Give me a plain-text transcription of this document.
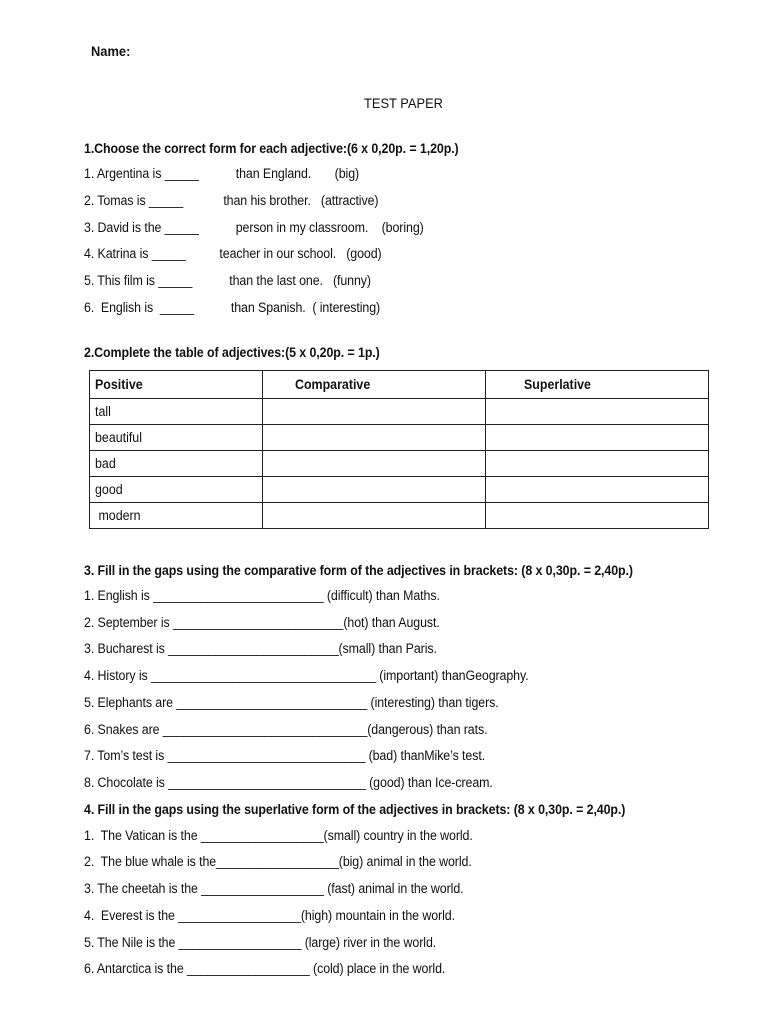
Name:
TEST PAPER
1.Choose the correct form for each adjective:(6 x 0,20p. = 1,20p.)
1. Argentina is _____           than England.       (big)
2. Tomas is _____            than his brother.   (attractive)
3. David is the _____           person in my classroom.    (boring)
4. Katrina is _____          teacher in our school.   (good)
5. This film is _____           than the last one.   (funny)
6.  English is  _____           than Spanish.  ( interesting)
2.Complete the table of adjectives:(5 x 0,20p. = 1p.)
Positive	Comparative	Superlative
tall		
beautiful		
bad		
good		
modern		
3. Fill in the gaps using the comparative form of the adjectives in brackets: (8 x 0,30p. = 2,40p.)
1. English is _________________________ (difficult) than Maths.
2. September is _________________________(hot) than August.
3. Bucharest is _________________________(small) than Paris.
4. History is _________________________________ (important) thanGeography.
5. Elephants are ____________________________ (interesting) than tigers.
6. Snakes are ______________________________(dangerous) than rats.
7. Tom’s test is _____________________________ (bad) thanMike’s test.
8. Chocolate is _____________________________ (good) than Ice-cream.
4. Fill in the gaps using the superlative form of the adjectives in brackets: (8 x 0,30p. = 2,40p.)
1.  The Vatican is the __________________(small) country in the world.
2.  The blue whale is the__________________(big) animal in the world.
3. The cheetah is the __________________ (fast) animal in the world.
4.  Everest is the __________________(high) mountain in the world.
5. The Nile is the __________________ (large) river in the world.
6. Antarctica is the __________________ (cold) place in the world.
